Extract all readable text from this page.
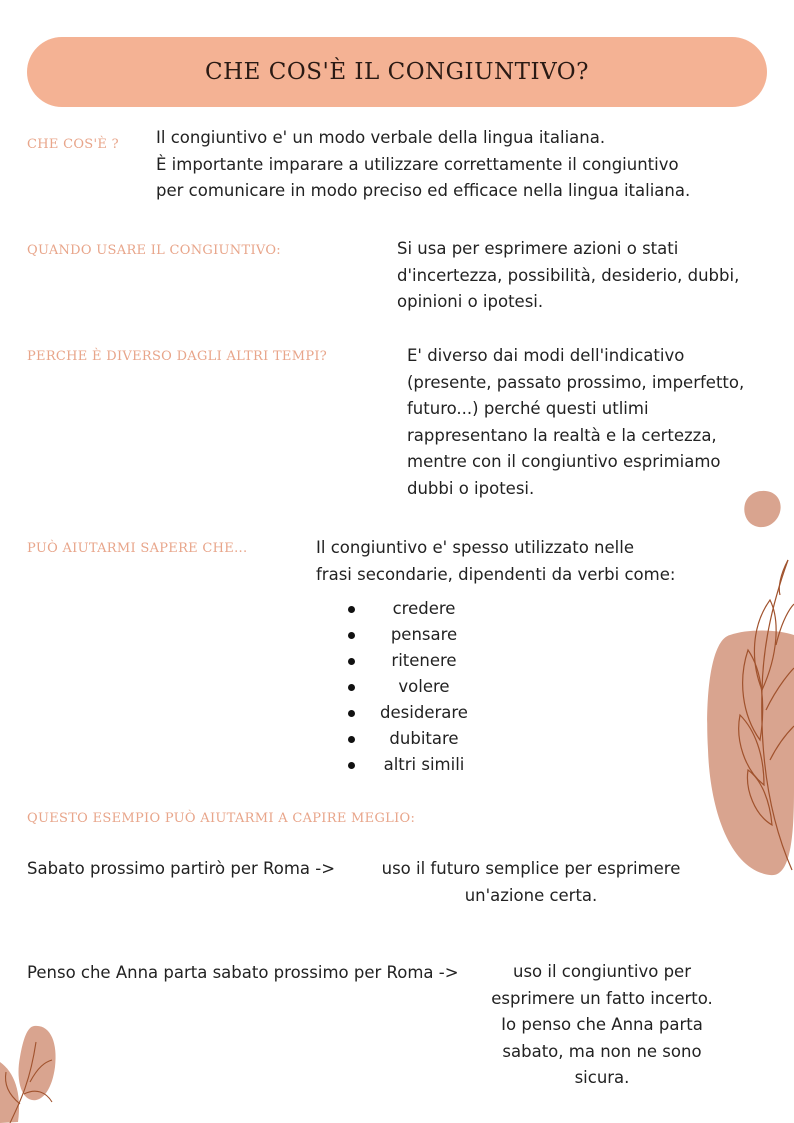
CHE COS'È IL CONGIUNTIVO?
CHE COS'È ? Il congiuntivo e' un modo verbale della lingua italiana.

È importante imparare a utilizzare correttamente il congiuntivo

per comunicare in modo preciso ed efficace nella lingua italiana.

QUANDO USARE IL CONGIUNTIVO:	Si usa per esprimere azioni o stati

d'incertezza, possibilità, desiderio, dubbi,

opinioni o ipotesi.

PERCHE È DIVERSO DAGLI ALTRI TEMPI?	E' diverso dai modi dell'indicativo

(presente, passato prossimo, imperfetto,

futuro...) perché questi utlimi

rappresentano la realtà e la certezza,

mentre con il congiuntivo esprimiamo

dubbi o ipotesi.

PUÒ AIUTARMI SAPERE CHE...	Il congiuntivo e' spesso utilizzato nelle

frasi secondarie, dipendenti da verbi come:

credere
pensare
ritenere
volere
desiderare
dubitare
altri simili
QUESTO ESEMPIO PUÒ AIUTARMI A CAPIRE MEGLIO:

Sabato prossimo partirò per Roma ->	uso il futuro semplice per esprimere

un'azione certa.

Penso che Anna parta sabato prossimo per Roma ->	uso il congiuntivo per

esprimere un fatto incerto.

Io penso che Anna parta

sabato, ma non ne sono

sicura.
